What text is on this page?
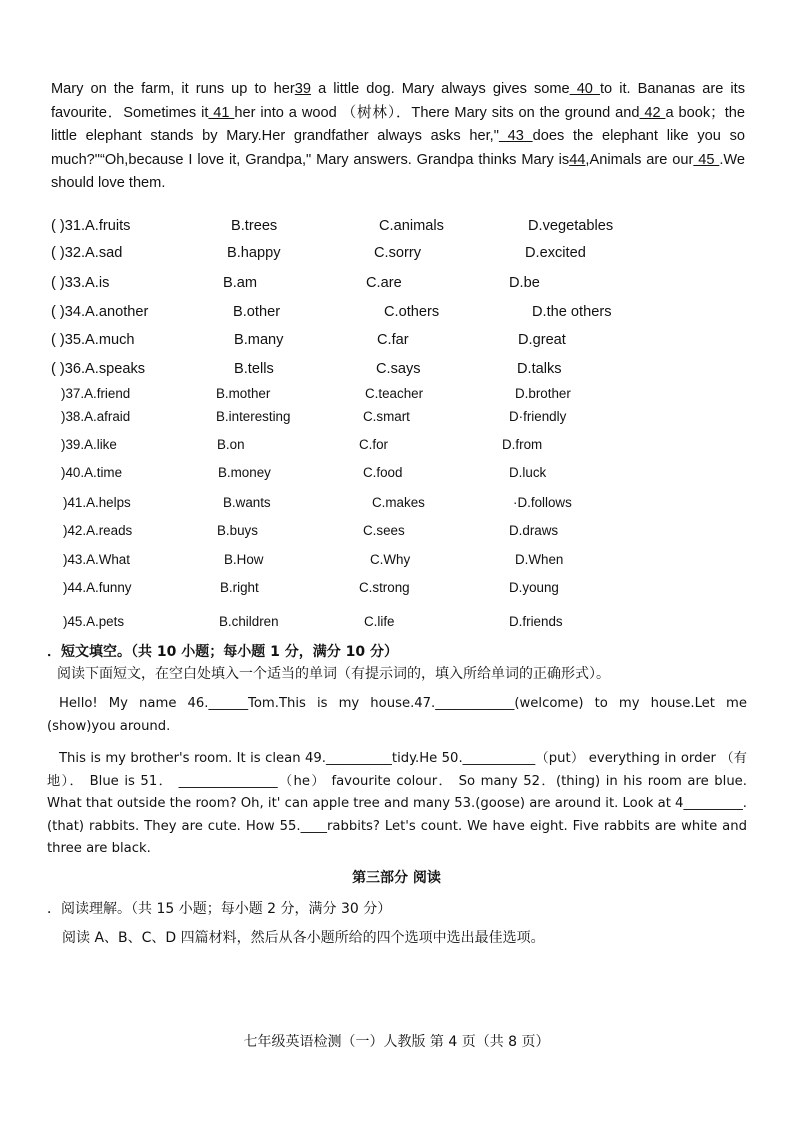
Mary on the farm, it runs up to her39 a little dog. Mary always gives some 40 to it. Bananas are its favourite．Sometimes it 41 her into a wood （树林）．There Mary sits on the ground and 42 a book；the little elephant stands by Mary.Her grandfather always asks her," 43 does the elephant like you so much?"“Oh,because I love it, Grandpa," Mary answers. Grandpa thinks Mary is44,Animals are our 45 .We should love them.
( )31.A.fruits	B.trees	C.animals	D.vegetables
( )32.A.sad	B.happy	C.sorry	D.excited
( )33.A.is	B.am	C.are	D.be
( )34.A.another	B.other	C.others	D.the others
( )35.A.much	B.many	C.far	D.great
( )36.A.speaks	B.tells	C.says	D.talks
)37.A.friend	B.mother	C.teacher	D.brother
)38.A.afraid	B.interesting	C.smart	D·friendly
)39.A.like	B.on	C.for	D.from
)40.A.time	B.money	C.food	D.luck
)41.A.helps	B.wants	C.makes	·D.follows
)42.A.reads	B.buys	C.sees	D.draws
)43.A.What	B.How	C.Why	D.When
)44.A.funny	B.right	C.strong	D.young
)45.A.pets	B.children	C.life	D.friends
．短文填空。（共 10 小题；每小题 1 分，满分 10 分）
阅读下面短文，在空白处填入一个适当的单词（有提示词的，填入所给单词的正确形式）。
Hello! My name 46.______Tom.This is my house.47.____________(welcome) to my house.Let me (show)you around.
This is my brother's room. It is clean 49.__________tidy.He 50.___________（put） everything in order （有地）． Blue is 51． _______________（he） favourite colour． So many 52．(thing) in his room are blue. What that outside the room? Oh, it' can apple tree and many 53.(goose) are around it. Look at 4_________.(that) rabbits. They are cute. How 55.____rabbits? Let's count. We have eight. Five rabbits are white and three are black.
第三部分 阅读
．阅读理解。（共 15 小题；每小题 2 分，满分 30 分）
阅读 A、B、C、D 四篇材料，然后从各小题所给的四个选项中选出最佳选项。
七年级英语检测（一）人教版 第 4 页（共 8 页）
